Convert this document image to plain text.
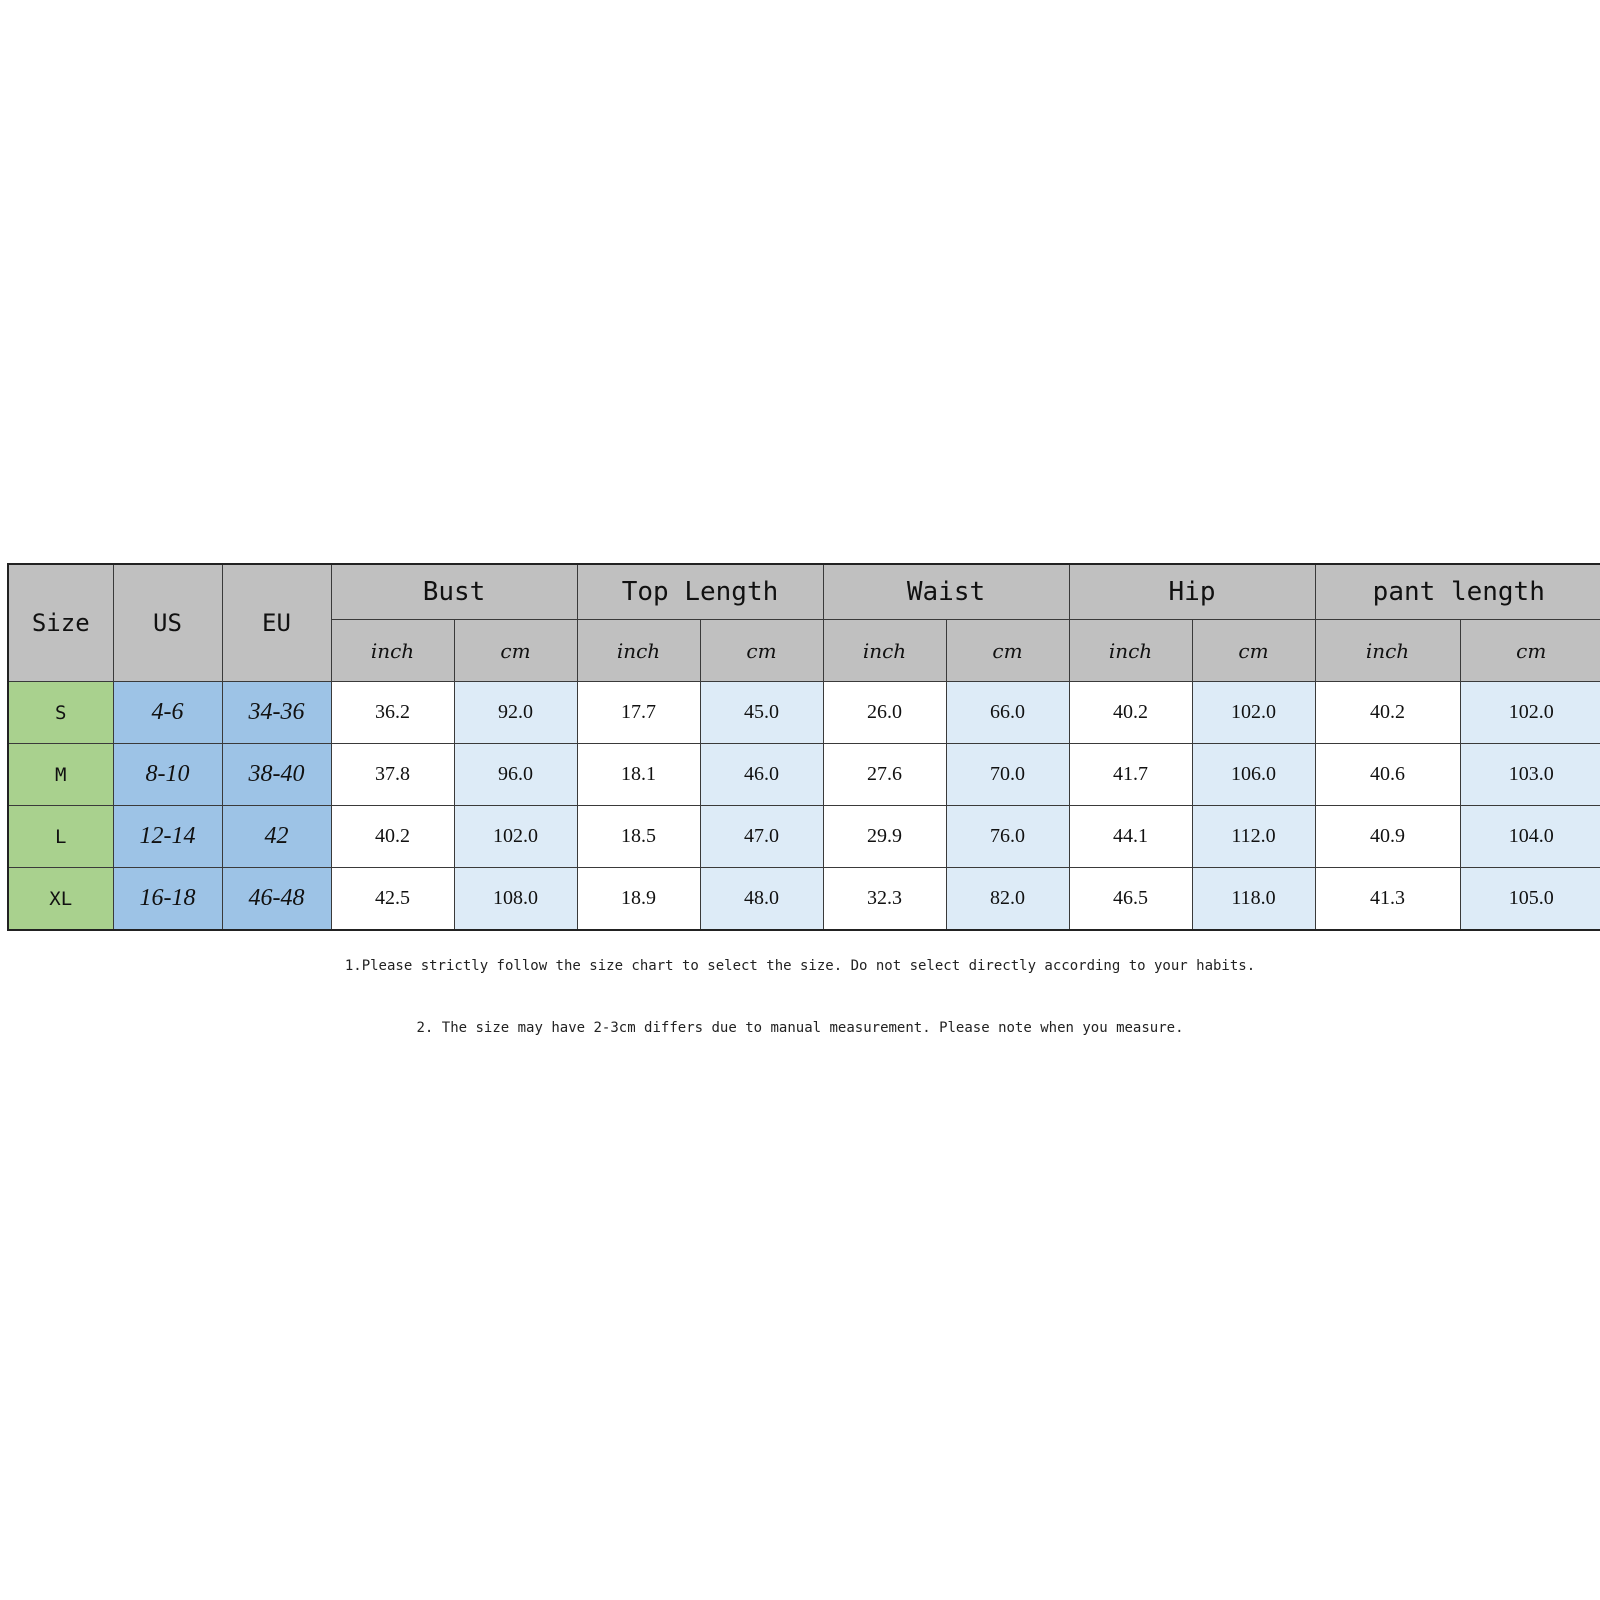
Size	US	EU	Bust		Top Length		Waist		Hip		pant length	
			inch	cm	inch	cm	inch	cm	inch	cm	inch	cm
S	4-6	34-36	36.2	92.0	17.7	45.0	26.0	66.0	40.2	102.0	40.2	102.0
M	8-10	38-40	37.8	96.0	18.1	46.0	27.6	70.0	41.7	106.0	40.6	103.0
L	12-14	42	40.2	102.0	18.5	47.0	29.9	76.0	44.1	112.0	40.9	104.0
XL	16-18	46-48	42.5	108.0	18.9	48.0	32.3	82.0	46.5	118.0	41.3	105.0
1.Please strictly follow the size chart to select the size. Do not select directly according to your habits.
2. The size may have 2-3cm differs due to manual measurement. Please note when you measure.
